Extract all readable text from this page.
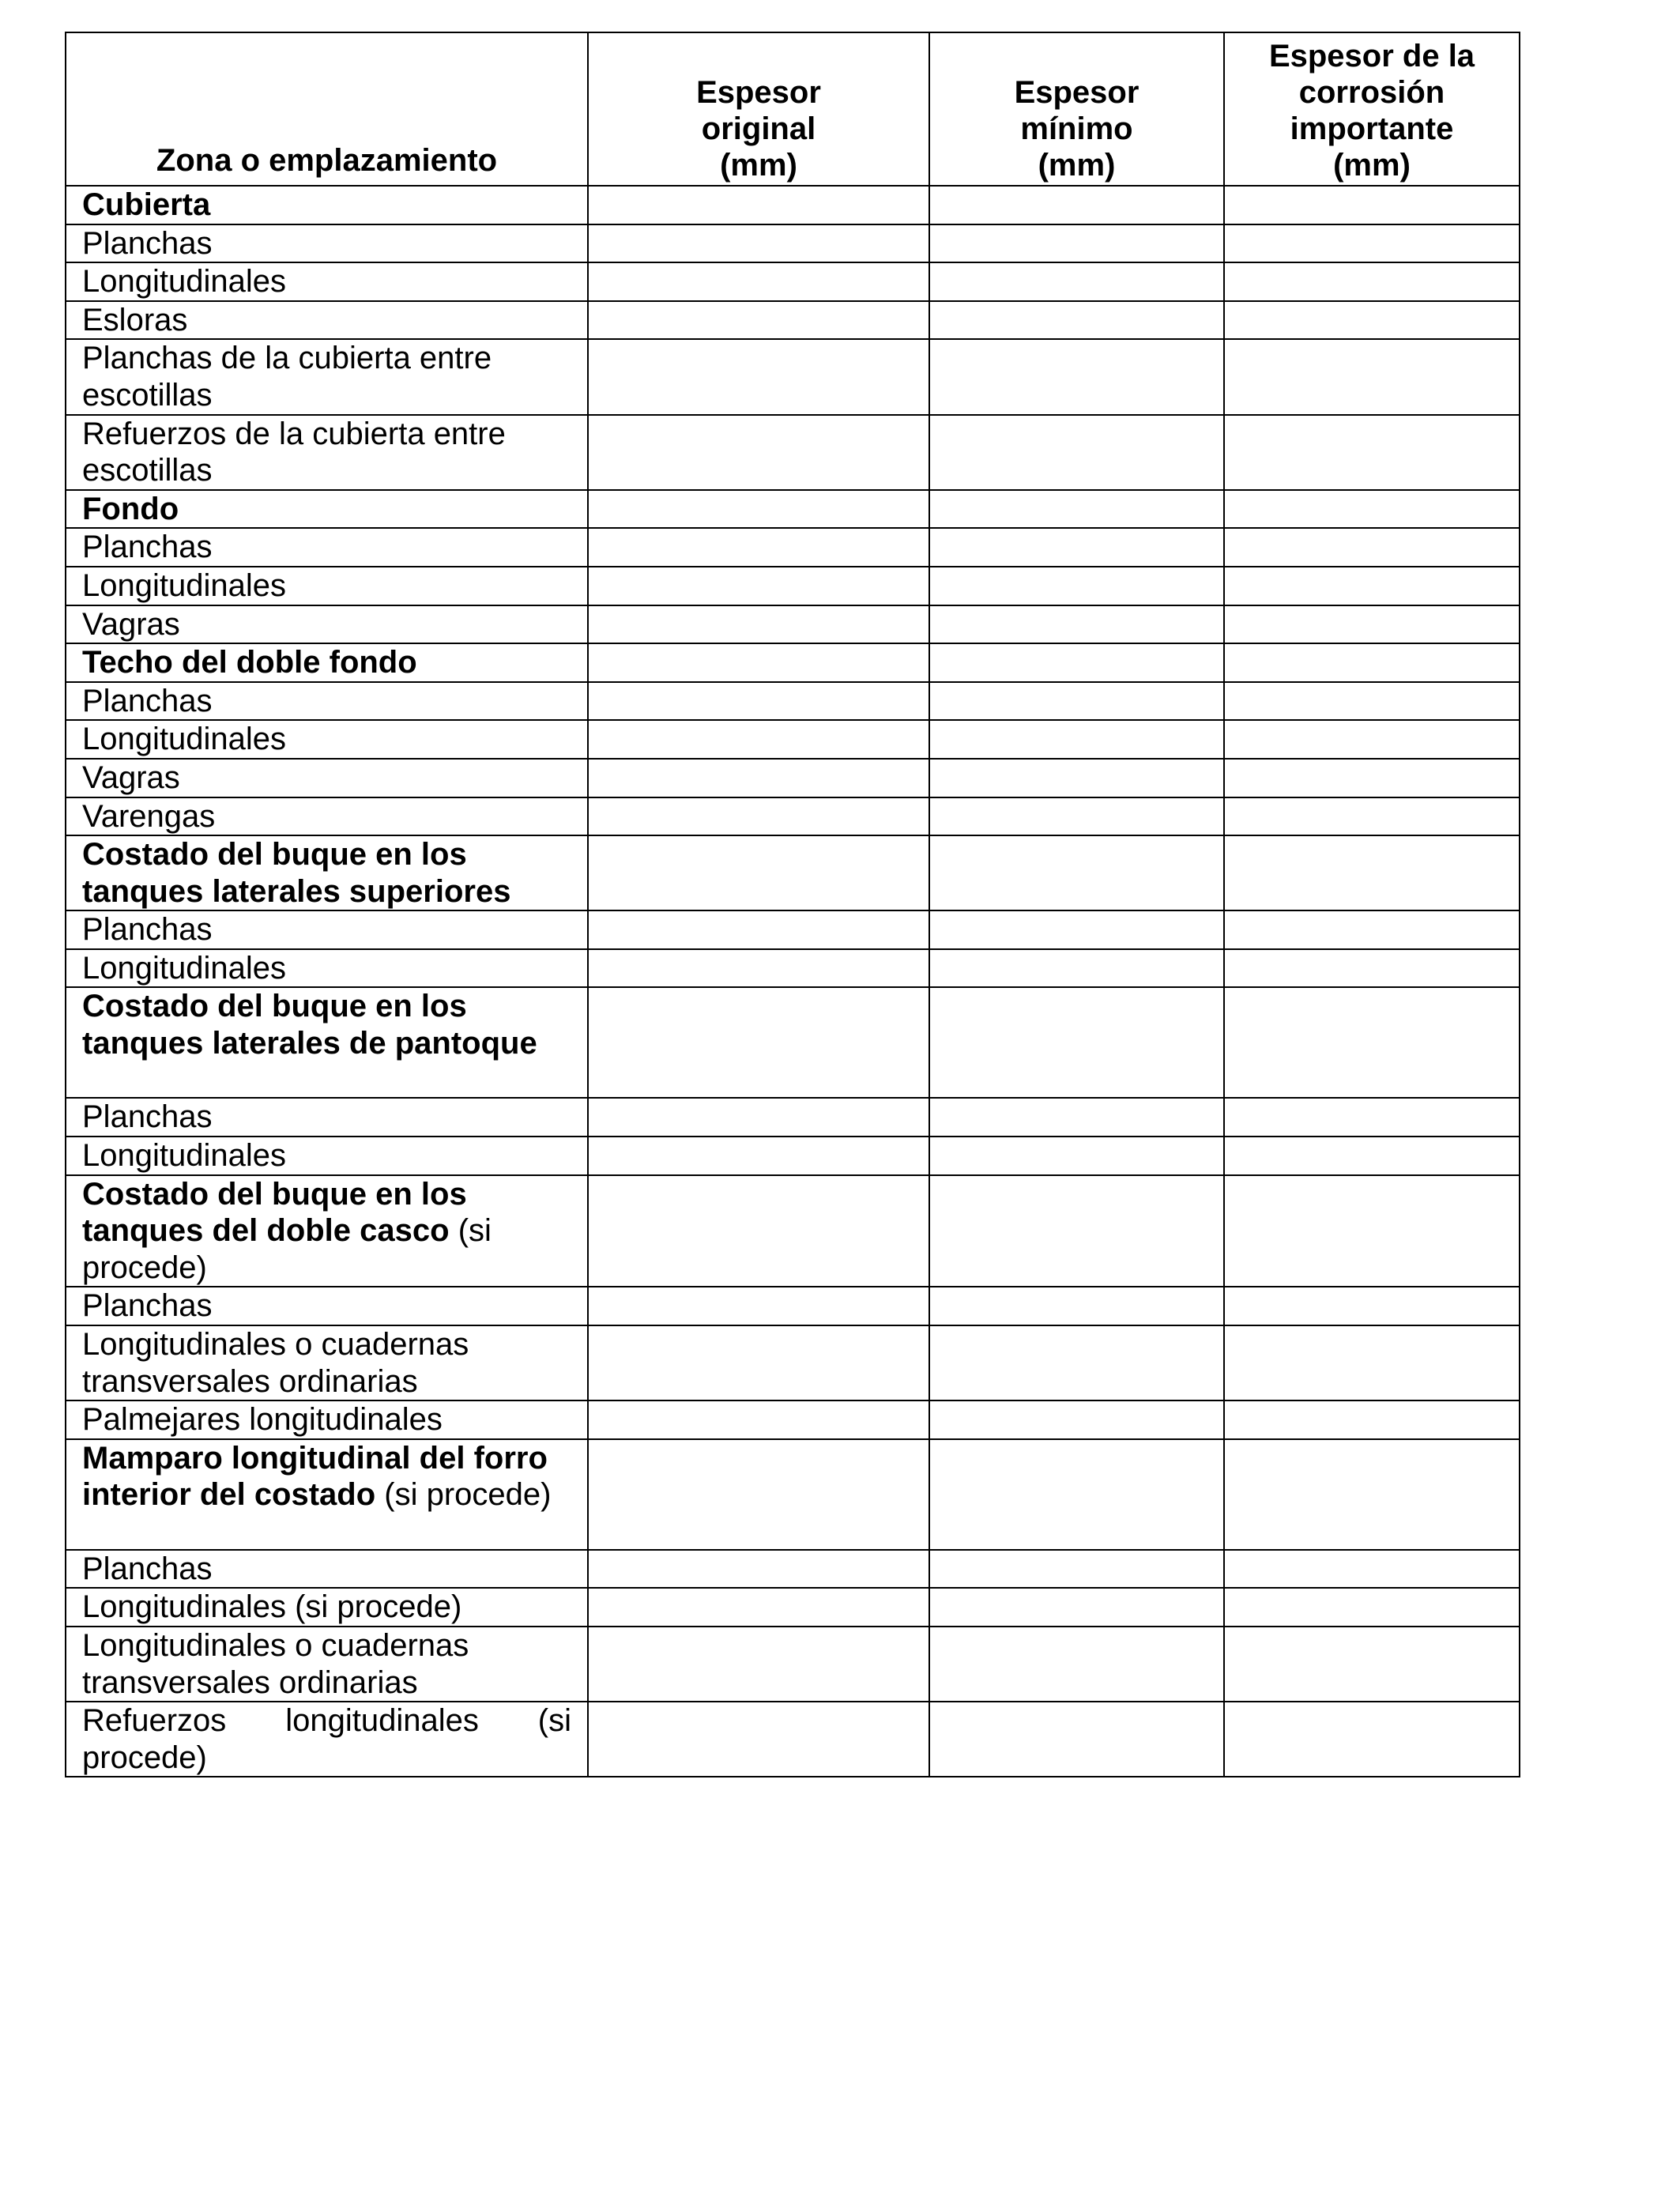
Zona o emplazamiento	Espesor
original
(mm)	Espesor
mínimo
(mm)	Espesor de la
corrosión
importante
(mm)

Cubierta			
Planchas			
Longitudinales			
Esloras			
Planchas de la cubierta entre escotillas			
Refuerzos de la cubierta entre escotillas			
Fondo			
Planchas			
Longitudinales			
Vagras			
Techo del doble fondo			
Planchas			
Longitudinales			
Vagras			
Varengas			
Costado del buque en los tanques laterales superiores			
Planchas			
Longitudinales			
Costado del buque en los tanques laterales de pantoque			
Planchas			
Longitudinales			
Costado del buque en los tanques del doble casco (si procede)			
Planchas			
Longitudinales o cuadernas transversales ordinarias			
Palmejares longitudinales			
Mamparo longitudinal del forro interior del costado (si procede)			
Planchas			
Longitudinales (si procede)			
Longitudinales o cuadernas transversales ordinarias			
Refuerzos longitudinales (si procede)			
